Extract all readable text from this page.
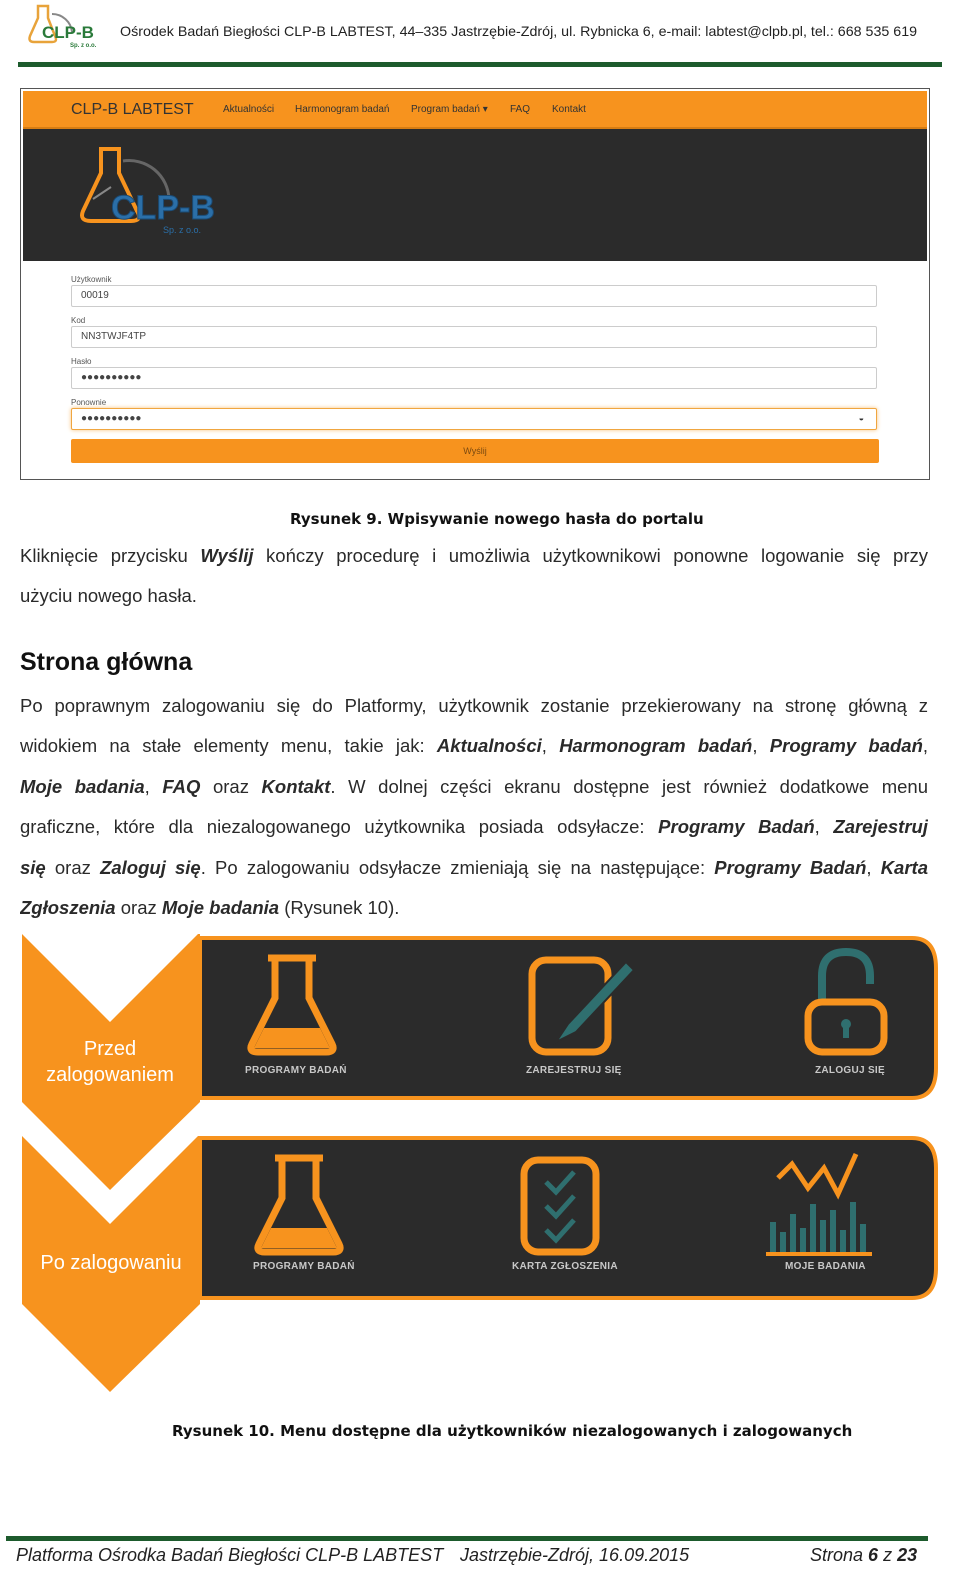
CLP-B
Sp. z o.o.
Ośrodek Badań Biegłości CLP-B LABTEST, 44–335 Jastrzębie-Zdrój, ul. Rybnicka 6, e-mail: labtest@clpb.pl, tel.: 668 535 619
CLP-B LABTEST	Aktualności Harmonogram badań Program badań ▾ FAQ Kontakt
CLP-B
Sp. z o.o.
Użytkownik
00019
Kod
NN3TWJF4TP
Hasło
●●●●●●●●●●
Ponownie
●●●●●●●●●●	◒
Wyślij
Rysunek 9. Wpisywanie nowego hasła do portalu
Kliknięcie przycisku Wyślij kończy procedurę i umożliwia użytkownikowi ponowne logowanie się przy
użyciu nowego hasła.
Strona główna
Po poprawnym zalogowaniu się do Platformy, użytkownik zostanie przekierowany na stronę główną z
widokiem na stałe elementy menu, takie jak: Aktualności, Harmonogram badań, Programy badań,
Moje badania, FAQ oraz Kontakt. W dolnej części ekranu dostępne jest również dodatkowe menu
graficzne, które dla niezalogowanego użytkownika posiada odsyłacze: Programy Badań, Zarejestruj
się oraz Zaloguj się. Po zalogowaniu odsyłacze zmieniają się na następujące: Programy Badań, Karta
Zgłoszenia oraz Moje badania (Rysunek 10).
Przed
zalogowaniem
Po zalogowaniu
PROGRAMY BADAŃ	ZAREJESTRUJ SIĘ	ZALOGUJ SIĘ
PROGRAMY BADAŃ	KARTA ZGŁOSZENIA	MOJE BADANIA
Rysunek 10. Menu dostępne dla użytkowników niezalogowanych i zalogowanych
Platforma Ośrodka Badań Biegłości CLP-B LABTEST Jastrzębie-Zdrój, 16.09.2015	Strona 6 z 23
